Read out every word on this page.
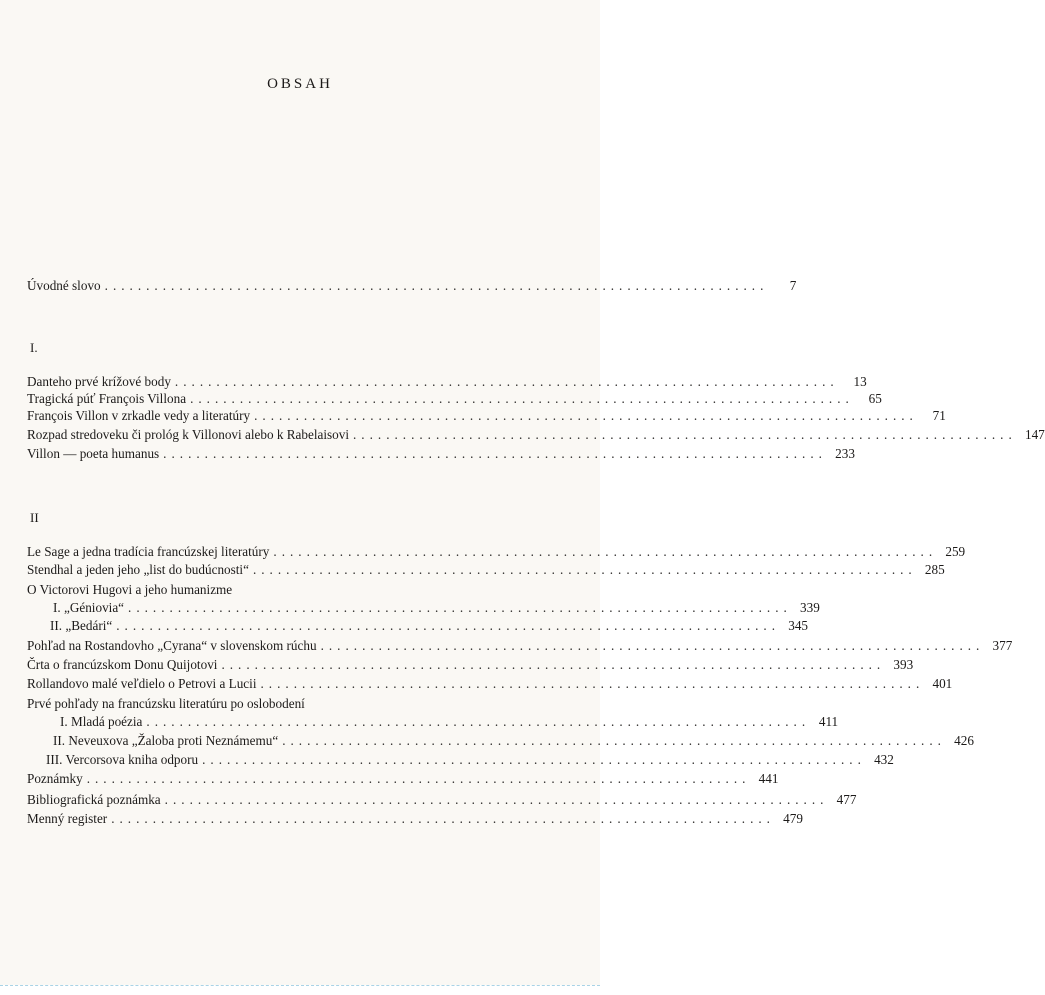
OBSAH
Úvodné slovo ................................................................................	7
I.
Danteho prvé krížové body ................................................................................	13
Tragická púť François Villona ................................................................................	65
François Villon v zrkadle vedy a literatúry ................................................................................	71
Rozpad stredoveku či prológ k Villonovi alebo k Rabelaisovi ................................................................................ 147
Villon — poeta humanus ................................................................................ 233
II
Le Sage a jedna tradícia francúzskej literatúry ................................................................................ 259
Stendhal a jeden jeho „list do budúcnosti“ ................................................................................ 285
O Victorovi Hugovi a jeho humanizme
I. „Géniovia“ ................................................................................ 339
II. „Bedári“ ................................................................................ 345
Pohľad na Rostandovho „Cyrana“ v slovenskom rúchu ................................................................................ 377
Črta o francúzskom Donu Quijotovi ................................................................................ 393
Rollandovo malé veľdielo o Petrovi a Lucii ................................................................................ 401
Prvé pohľady na francúzsku literatúru po oslobodení
I. Mladá poézia ................................................................................ 411
II. Neveuxova „Žaloba proti Neznámemu“ ................................................................................ 426
III. Vercorsova kniha odporu ................................................................................ 432
Poznámky ................................................................................ 441
Bibliografická poznámka ................................................................................ 477
Menný register ................................................................................ 479
